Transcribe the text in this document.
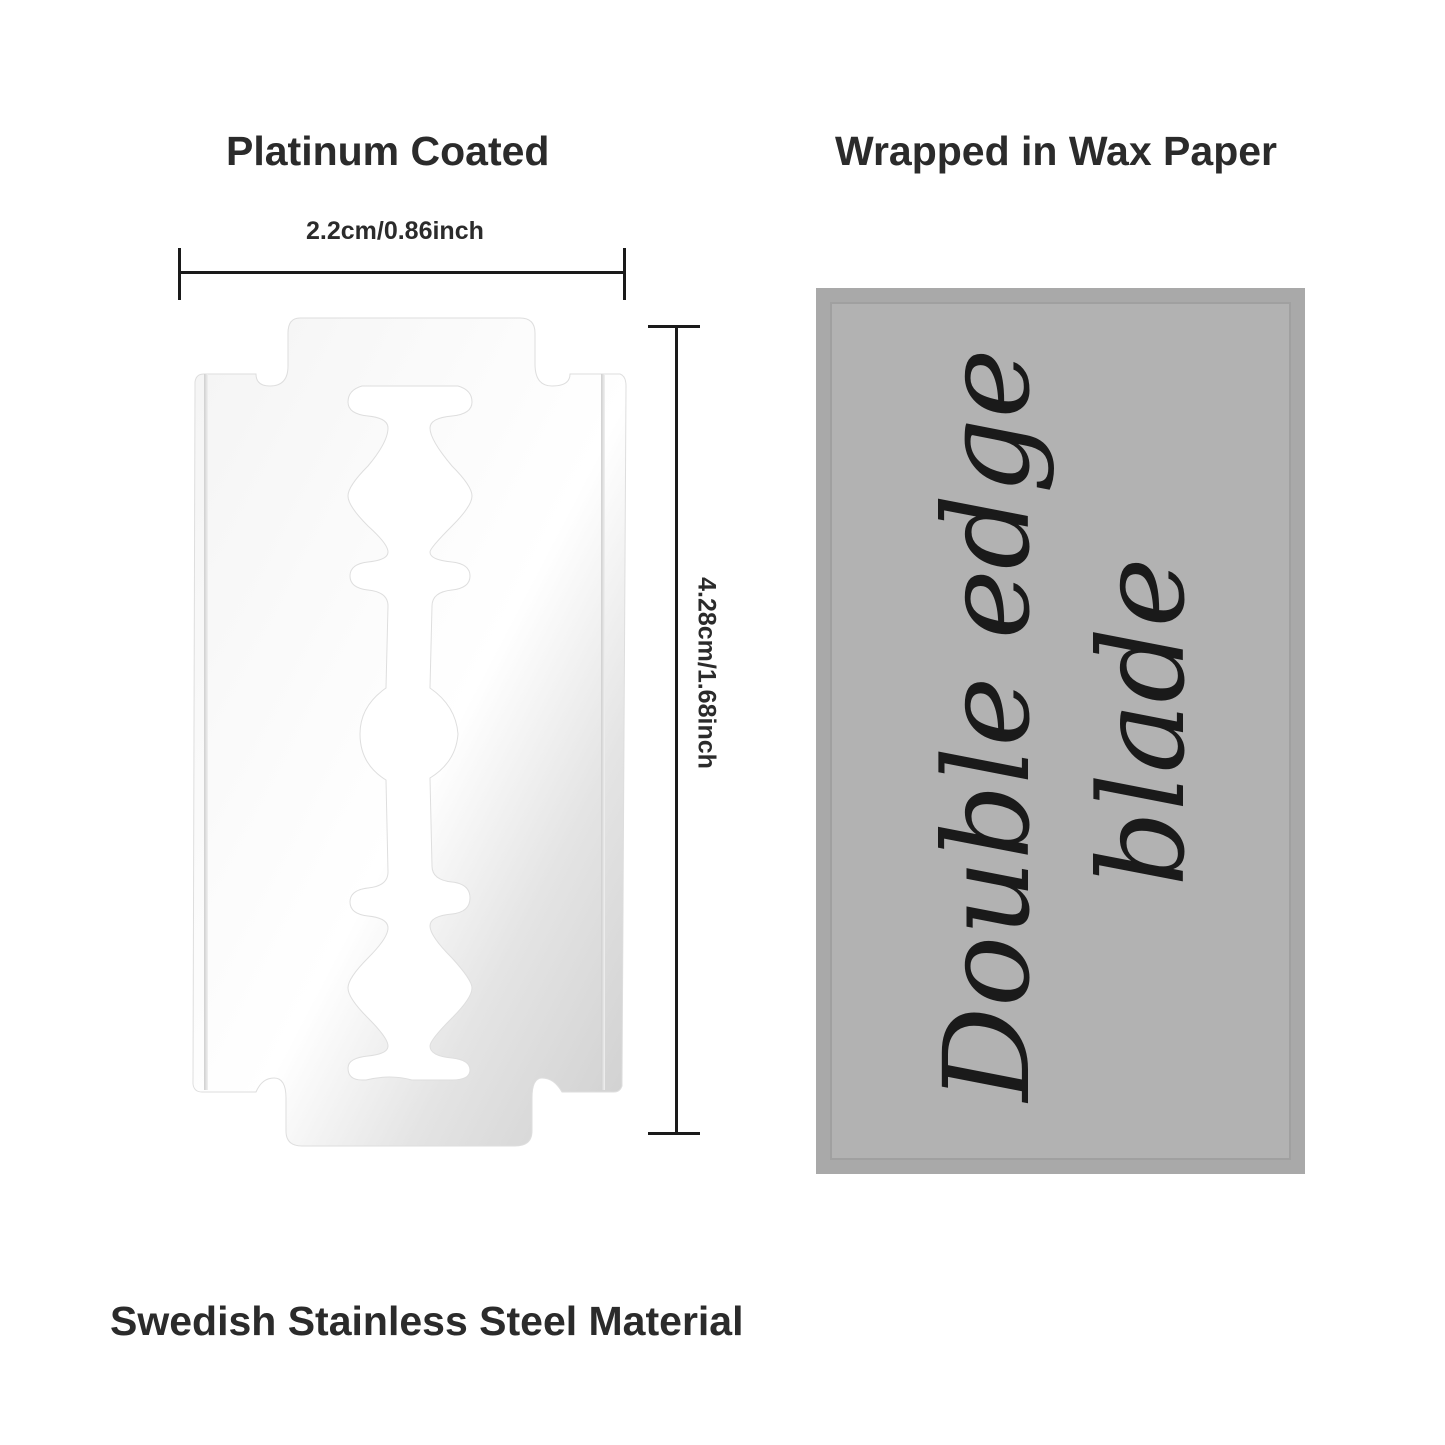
Platinum Coated	Wrapped in Wax Paper
2.2cm/0.86inch
4.28cm/1.68inch Double edge blade
Swedish Stainless Steel Material
